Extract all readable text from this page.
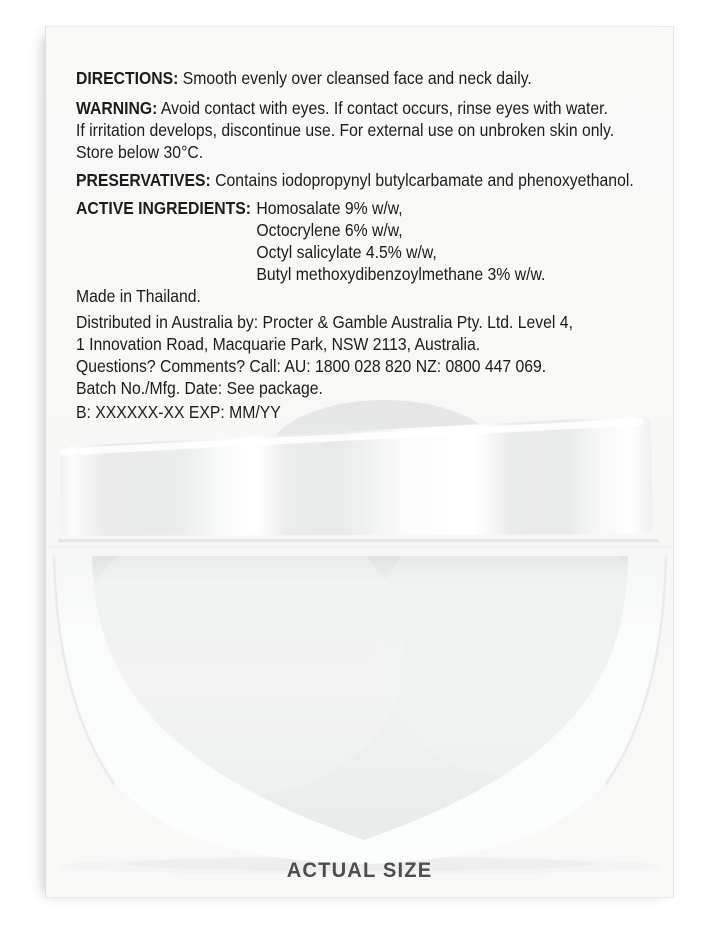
DIRECTIONS: Smooth evenly over cleansed face and neck daily.
WARNING: Avoid contact with eyes. If contact occurs, rinse eyes with water.
If irritation develops, discontinue use. For external use on unbroken skin only.
Store below 30°C.
PRESERVATIVES: Contains iodopropynyl butylcarbamate and phenoxyethanol.
ACTIVE INGREDIENTS: Homosalate 9% w/w,
Octocrylene 6% w/w,
Octyl salicylate 4.5% w/w,
Butyl methoxydibenzoylmethane 3% w/w.
Made in Thailand.
Distributed in Australia by: Procter & Gamble Australia Pty. Ltd. Level 4,
1 Innovation Road, Macquarie Park, NSW 2113, Australia.
Questions? Comments? Call: AU: 1800 028 820 NZ: 0800 447 069.
Batch No./Mfg. Date: See package.
B: XXXXXX-XX EXP: MM/YY
ACTUAL SIZE
